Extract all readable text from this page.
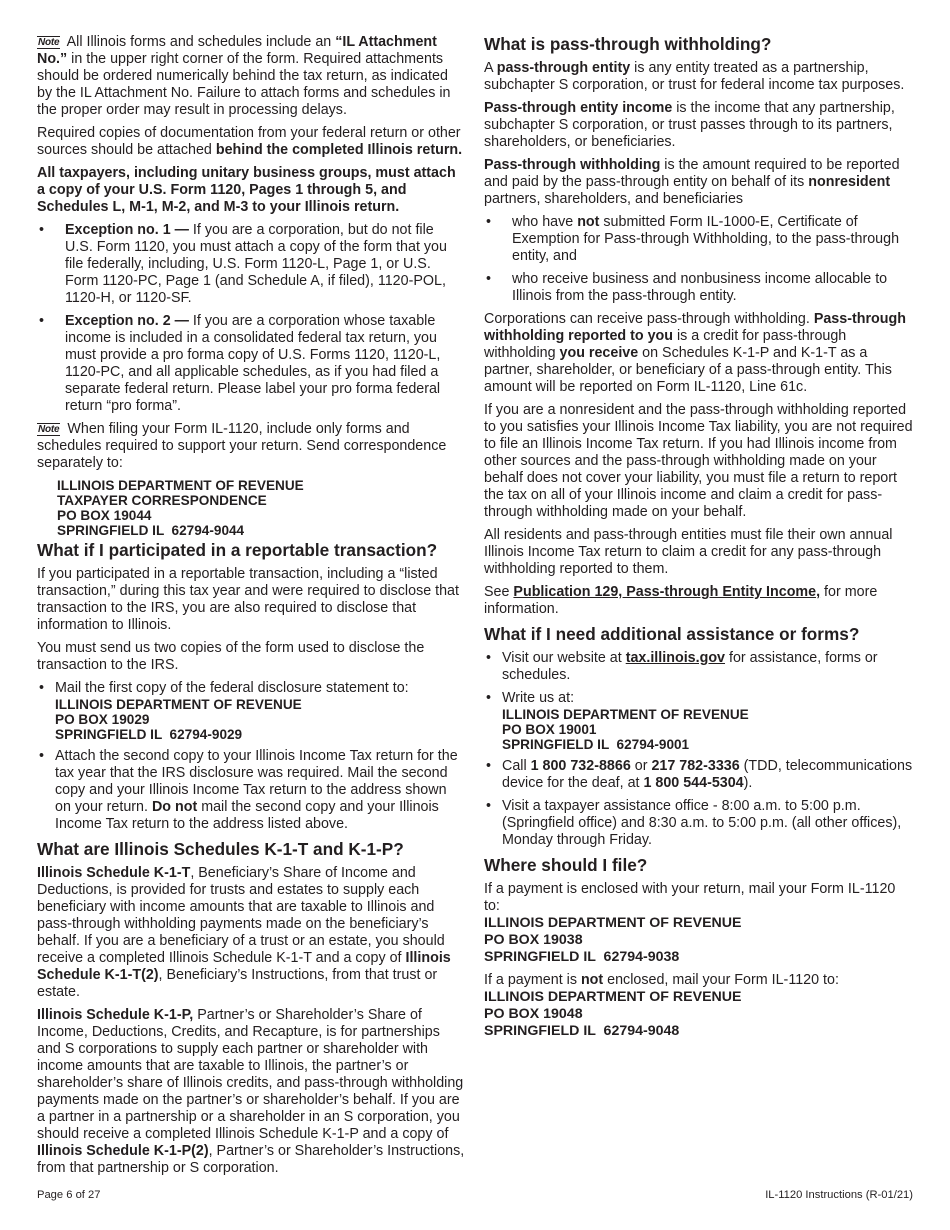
Note All Illinois forms and schedules include an “IL Attachment No.” in the upper right corner of the form. Required attachments should be ordered numerically behind the tax return, as indicated by the IL Attachment No. Failure to attach forms and schedules in the proper order may result in processing delays.

Required copies of documentation from your federal return or other sources should be attached behind the completed Illinois return.

All taxpayers, including unitary business groups, must attach a copy of your U.S. Form 1120, Pages 1 through 5, and Schedules L, M-1, M-2, and M-3 to your Illinois return.

• Exception no. 1 — If you are a corporation, but do not file U.S. Form 1120, you must attach a copy of the form that you file federally, including, U.S. Form 1120-L, Page 1, or U.S. Form 1120-PC, Page 1 (and Schedule A, if filed), 1120-POL, 1120-H, or 1120-SF.
• Exception no. 2 — If you are a corporation whose taxable income is included in a consolidated federal tax return, you must provide a pro forma copy of U.S. Forms 1120, 1120-L, 1120-PC, and all applicable schedules, as if you had filed a separate federal return. Please label your pro forma federal return “pro forma”.

Note When filing your Form IL-1120, include only forms and schedules required to support your return. Send correspondence separately to:

ILLINOIS DEPARTMENT OF REVENUE
TAXPAYER CORRESPONDENCE
PO BOX 19044
SPRINGFIELD IL  62794-9044
What if I participated in a reportable transaction?

If you participated in a reportable transaction, including a “listed transaction,” during this tax year and were required to disclose that transaction to the IRS, you are also required to disclose that information to Illinois.

You must send us two copies of the form used to disclose the transaction to the IRS.

• Mail the first copy of the federal disclosure statement to:
ILLINOIS DEPARTMENT OF REVENUE
PO BOX 19029
SPRINGFIELD IL  62794-9029
• Attach the second copy to your Illinois Income Tax return for the tax year that the IRS disclosure was required. Mail the second copy and your Illinois Income Tax return to the address shown on your return. Do not mail the second copy and your Illinois Income Tax return to the address listed above.
What are Illinois Schedules K-1-T and K-1-P?

Illinois Schedule K-1-T, Beneficiary’s Share of Income and Deductions, is provided for trusts and estates to supply each beneficiary with income amounts that are taxable to Illinois and pass-through withholding payments made on the beneficiary’s behalf. If you are a beneficiary of a trust or an estate, you should receive a completed Illinois Schedule K-1-T and a copy of Illinois Schedule K-1-T(2), Beneficiary’s Instructions, from that trust or estate.

Illinois Schedule K-1-P, Partner’s or Shareholder’s Share of Income, Deductions, Credits, and Recapture, is for partnerships and S corporations to supply each partner or shareholder with income amounts that are taxable to Illinois, the partner’s or shareholder’s share of Illinois credits, and pass-through withholding payments made on the partner’s or shareholder’s behalf. If you are a partner in a partnership or a shareholder in an S corporation, you should receive a completed Illinois Schedule K-1-P and a copy of Illinois Schedule K-1-P(2), Partner’s or Shareholder’s Instructions, from that partnership or S corporation.

What is pass-through withholding?

A pass-through entity is any entity treated as a partnership, subchapter S corporation, or trust for federal income tax purposes.

Pass-through entity income is the income that any partnership, subchapter S corporation, or trust passes through to its partners, shareholders, or beneficiaries.

Pass-through withholding is the amount required to be reported and paid by the pass-through entity on behalf of its nonresident partners, shareholders, and beneficiaries

• who have not submitted Form IL-1000-E, Certificate of Exemption for Pass-through Withholding, to the pass-through entity, and
• who receive business and nonbusiness income allocable to Illinois from the pass-through entity.

Corporations can receive pass-through withholding. Pass-through withholding reported to you is a credit for pass-through withholding you receive on Schedules K-1-P and K-1-T as a partner, shareholder, or beneficiary of a pass-through entity. This amount will be reported on Form IL-1120, Line 61c.

If you are a nonresident and the pass-through withholding reported to you satisfies your Illinois Income Tax liability, you are not required to file an Illinois Income Tax return. If you had Illinois income from other sources and the pass-through withholding made on your behalf does not cover your liability, you must file a return to report the tax on all of your Illinois income and claim a credit for pass-through withholding made on your behalf.

All residents and pass-through entities must file their own annual Illinois Income Tax return to claim a credit for any pass-through withholding reported to them.

See Publication 129, Pass-through Entity Income, for more information.

What if I need additional assistance or forms?
• Visit our website at tax.illinois.gov for assistance, forms or schedules.
• Write us at:
ILLINOIS DEPARTMENT OF REVENUE
PO BOX 19001
SPRINGFIELD IL  62794-9001
• Call 1 800 732-8866 or 217 782-3336 (TDD, telecommunications device for the deaf, at 1 800 544-5304).
• Visit a taxpayer assistance office - 8:00 a.m. to 5:00 p.m. (Springfield office) and 8:30 a.m. to 5:00 p.m. (all other offices), Monday through Friday.
Where should I file?

If a payment is enclosed with your return, mail your Form IL-1120 to:

ILLINOIS DEPARTMENT OF REVENUE
PO BOX 19038
SPRINGFIELD IL  62794-9038

If a payment is not enclosed, mail your Form IL-1120 to:

ILLINOIS DEPARTMENT OF REVENUE
PO BOX 19048
SPRINGFIELD IL  62794-9048
Page 6 of 27	IL-1120 Instructions (R-01/21)
